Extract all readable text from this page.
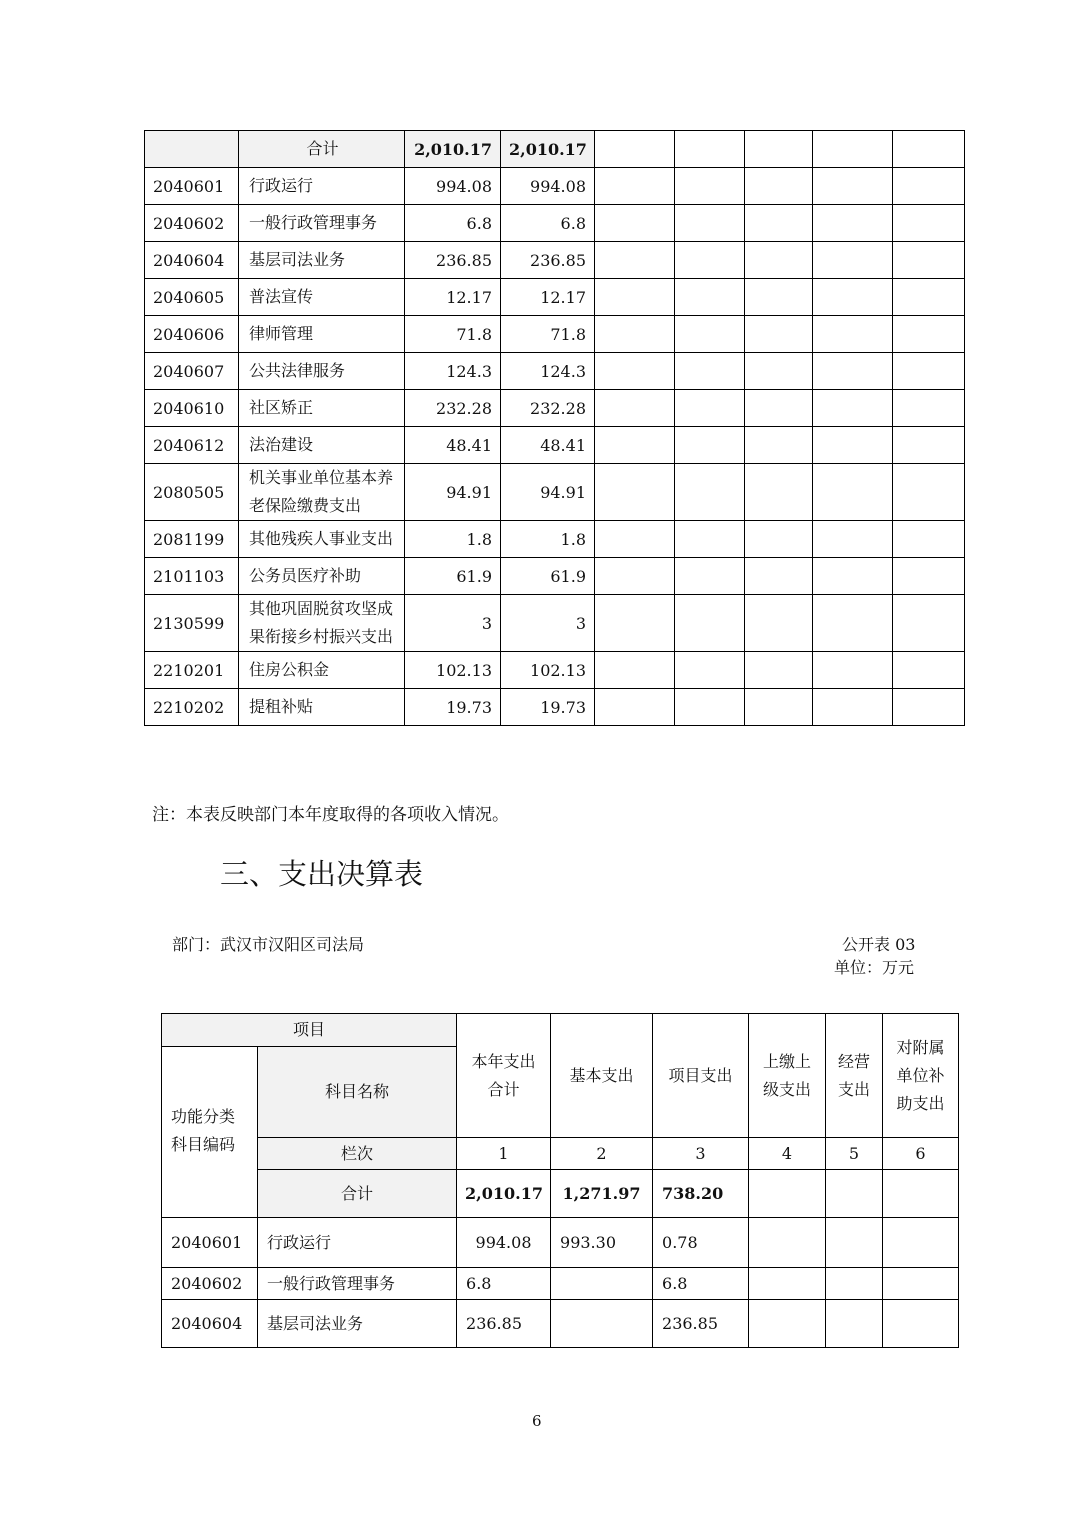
	合计	2,010.17	2,010.17					
2040601	行政运行	994.08	994.08					
2040602	一般行政管理事务	6.8	6.8					
2040604	基层司法业务	236.85	236.85					
2040605	普法宣传	12.17	12.17					
2040606	律师管理	71.8	71.8					
2040607	公共法律服务	124.3	124.3					
2040610	社区矫正	232.28	232.28					
2040612	法治建设	48.41	48.41					
2080505	机关事业单位基本养老保险缴费支出	94.91	94.91					
2081199	其他残疾人事业支出	1.8	1.8					
2101103	公务员医疗补助	61.9	61.9					
2130599	其他巩固脱贫攻坚成果衔接乡村振兴支出	3	3					
2210201	住房公积金	102.13	102.13					
2210202	提租补贴	19.73	19.73					
注：本表反映部门本年度取得的各项收入情况。
三、支出决算表
部门：武汉市汉阳区司法局	公开表 03
单位：万元
项目		本年支出合计	基本支出	项目支出	上缴上级支出	经营支出	对附属单位补助支出
功能分类科目编码	科目名称						
	栏次	1	2	3	4	5	6
	合计	2,010.17	1,271.97	738.20			
2040601	行政运行	994.08	993.30	0.78			
2040602	一般行政管理事务	6.8		6.8			
2040604	基层司法业务	236.85		236.85			
6
